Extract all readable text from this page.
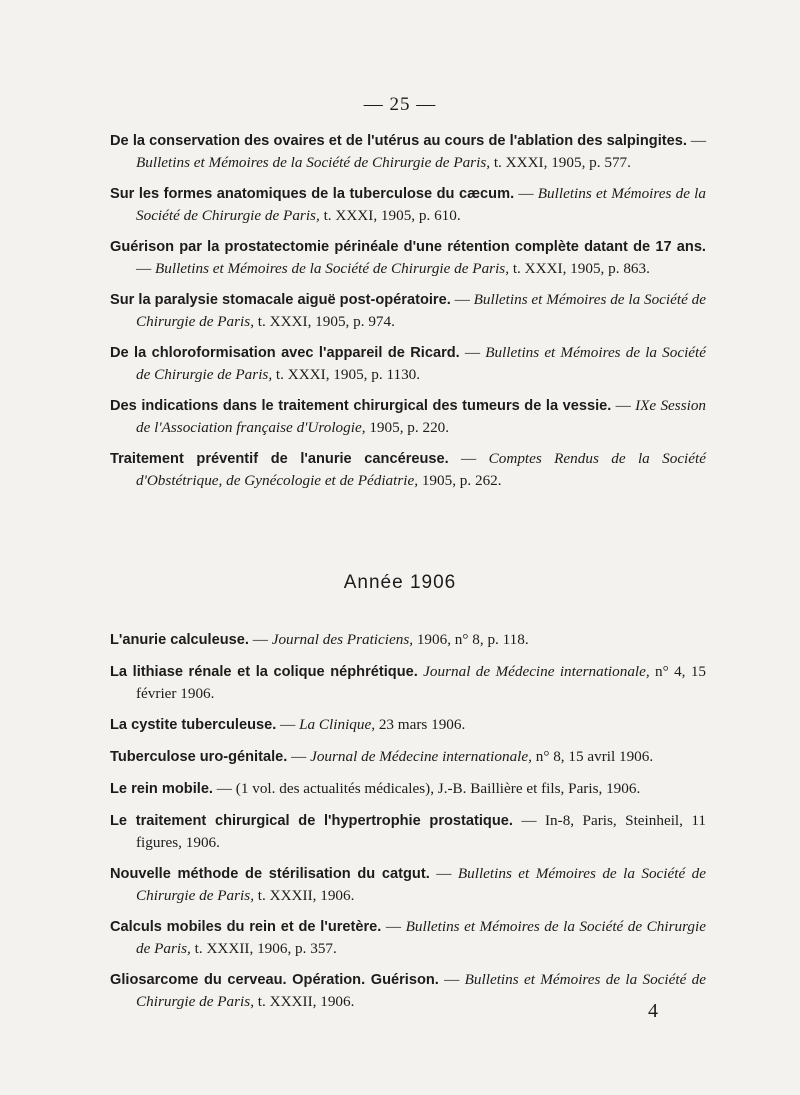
— 25 —

De la conservation des ovaires et de l'utérus au cours de l'ablation des salpingites. — Bulletins et Mémoires de la Société de Chirurgie de Paris, t. XXXI, 1905, p. 577.

Sur les formes anatomiques de la tuberculose du cæcum. — Bulletins et Mémoires de la Société de Chirurgie de Paris, t. XXXI, 1905, p. 610.

Guérison par la prostatectomie périnéale d'une rétention complète datant de 17 ans. — Bulletins et Mémoires de la Société de Chirurgie de Paris, t. XXXI, 1905, p. 863.

Sur la paralysie stomacale aiguë post-opératoire. — Bulletins et Mémoires de la Société de Chirurgie de Paris, t. XXXI, 1905, p. 974.

De la chloroformisation avec l'appareil de Ricard. — Bulletins et Mémoires de la Société de Chirurgie de Paris, t. XXXI, 1905, p. 1130.

Des indications dans le traitement chirurgical des tumeurs de la vessie. — IXe Session de l'Association française d'Urologie, 1905, p. 220.

Traitement préventif de l'anurie cancéreuse. — Comptes Rendus de la Société d'Obstétrique, de Gynécologie et de Pédiatrie, 1905, p. 262.

Année 1906

L'anurie calculeuse. — Journal des Praticiens, 1906, n° 8, p. 118.

La lithiase rénale et la colique néphrétique. Journal de Médecine internationale, n° 4, 15 février 1906.

La cystite tuberculeuse. — La Clinique, 23 mars 1906.

Tuberculose uro-génitale. — Journal de Médecine internationale, n° 8, 15 avril 1906.

Le rein mobile. — (1 vol. des actualités médicales), J.-B. Baillière et fils, Paris, 1906.

Le traitement chirurgical de l'hypertrophie prostatique. — In-8, Paris, Steinheil, 11 figures, 1906.

Nouvelle méthode de stérilisation du catgut. — Bulletins et Mémoires de la Société de Chirurgie de Paris, t. XXXII, 1906.

Calculs mobiles du rein et de l'uretère. — Bulletins et Mémoires de la Société de Chirurgie de Paris, t. XXXII, 1906, p. 357.

Gliosarcome du cerveau. Opération. Guérison. — Bulletins et Mémoires de la Société de Chirurgie de Paris, t. XXXII, 1906.	4
